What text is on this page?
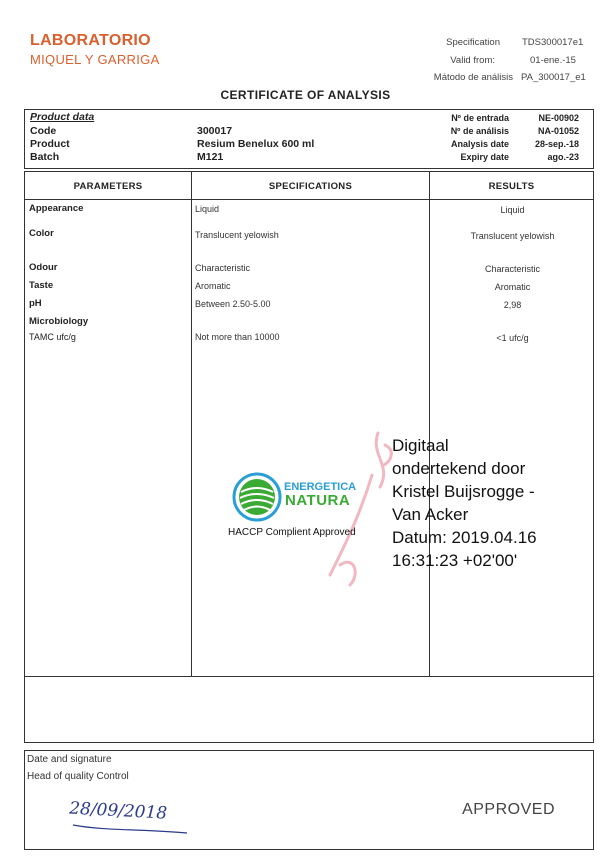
LABORATORIO
MIQUEL Y GARRIGA
Specification TDS300017e1
Valid from:	01-ene.-15
Mátodo de análisis PA_300017_e1
CERTIFICATE OF ANALYSIS
Product data
Code	300017
Product	Resium Benelux 600 ml
Batch	M121
Nº de entrada	NE-00902
Nº de análisis	NA-01052
Analysis date	28-sep.-18
Expiry date	ago.-23
PARAMETERS	SPECIFICATIONS	RESULTS
Appearance	Liquid	Liquid
Color	Translucent yelowish	Translucent yelowish
Odour	Characteristic	Characteristic
Taste	Aromatic	Aromatic
pH	Between 2.50-5.00	2,98
Microbiology
TAMC ufc/g	Not more than 10000	<1 ufc/g
ENERGETICA
NATURA
HACCP Complient Approved
Digitaal
ondertekend door
Kristel Buijsrogge -
Van Acker
Datum: 2019.04.16
16:31:23 +02'00'
Date and signature
Head of quality Control
28/09/2018	APPROVED
